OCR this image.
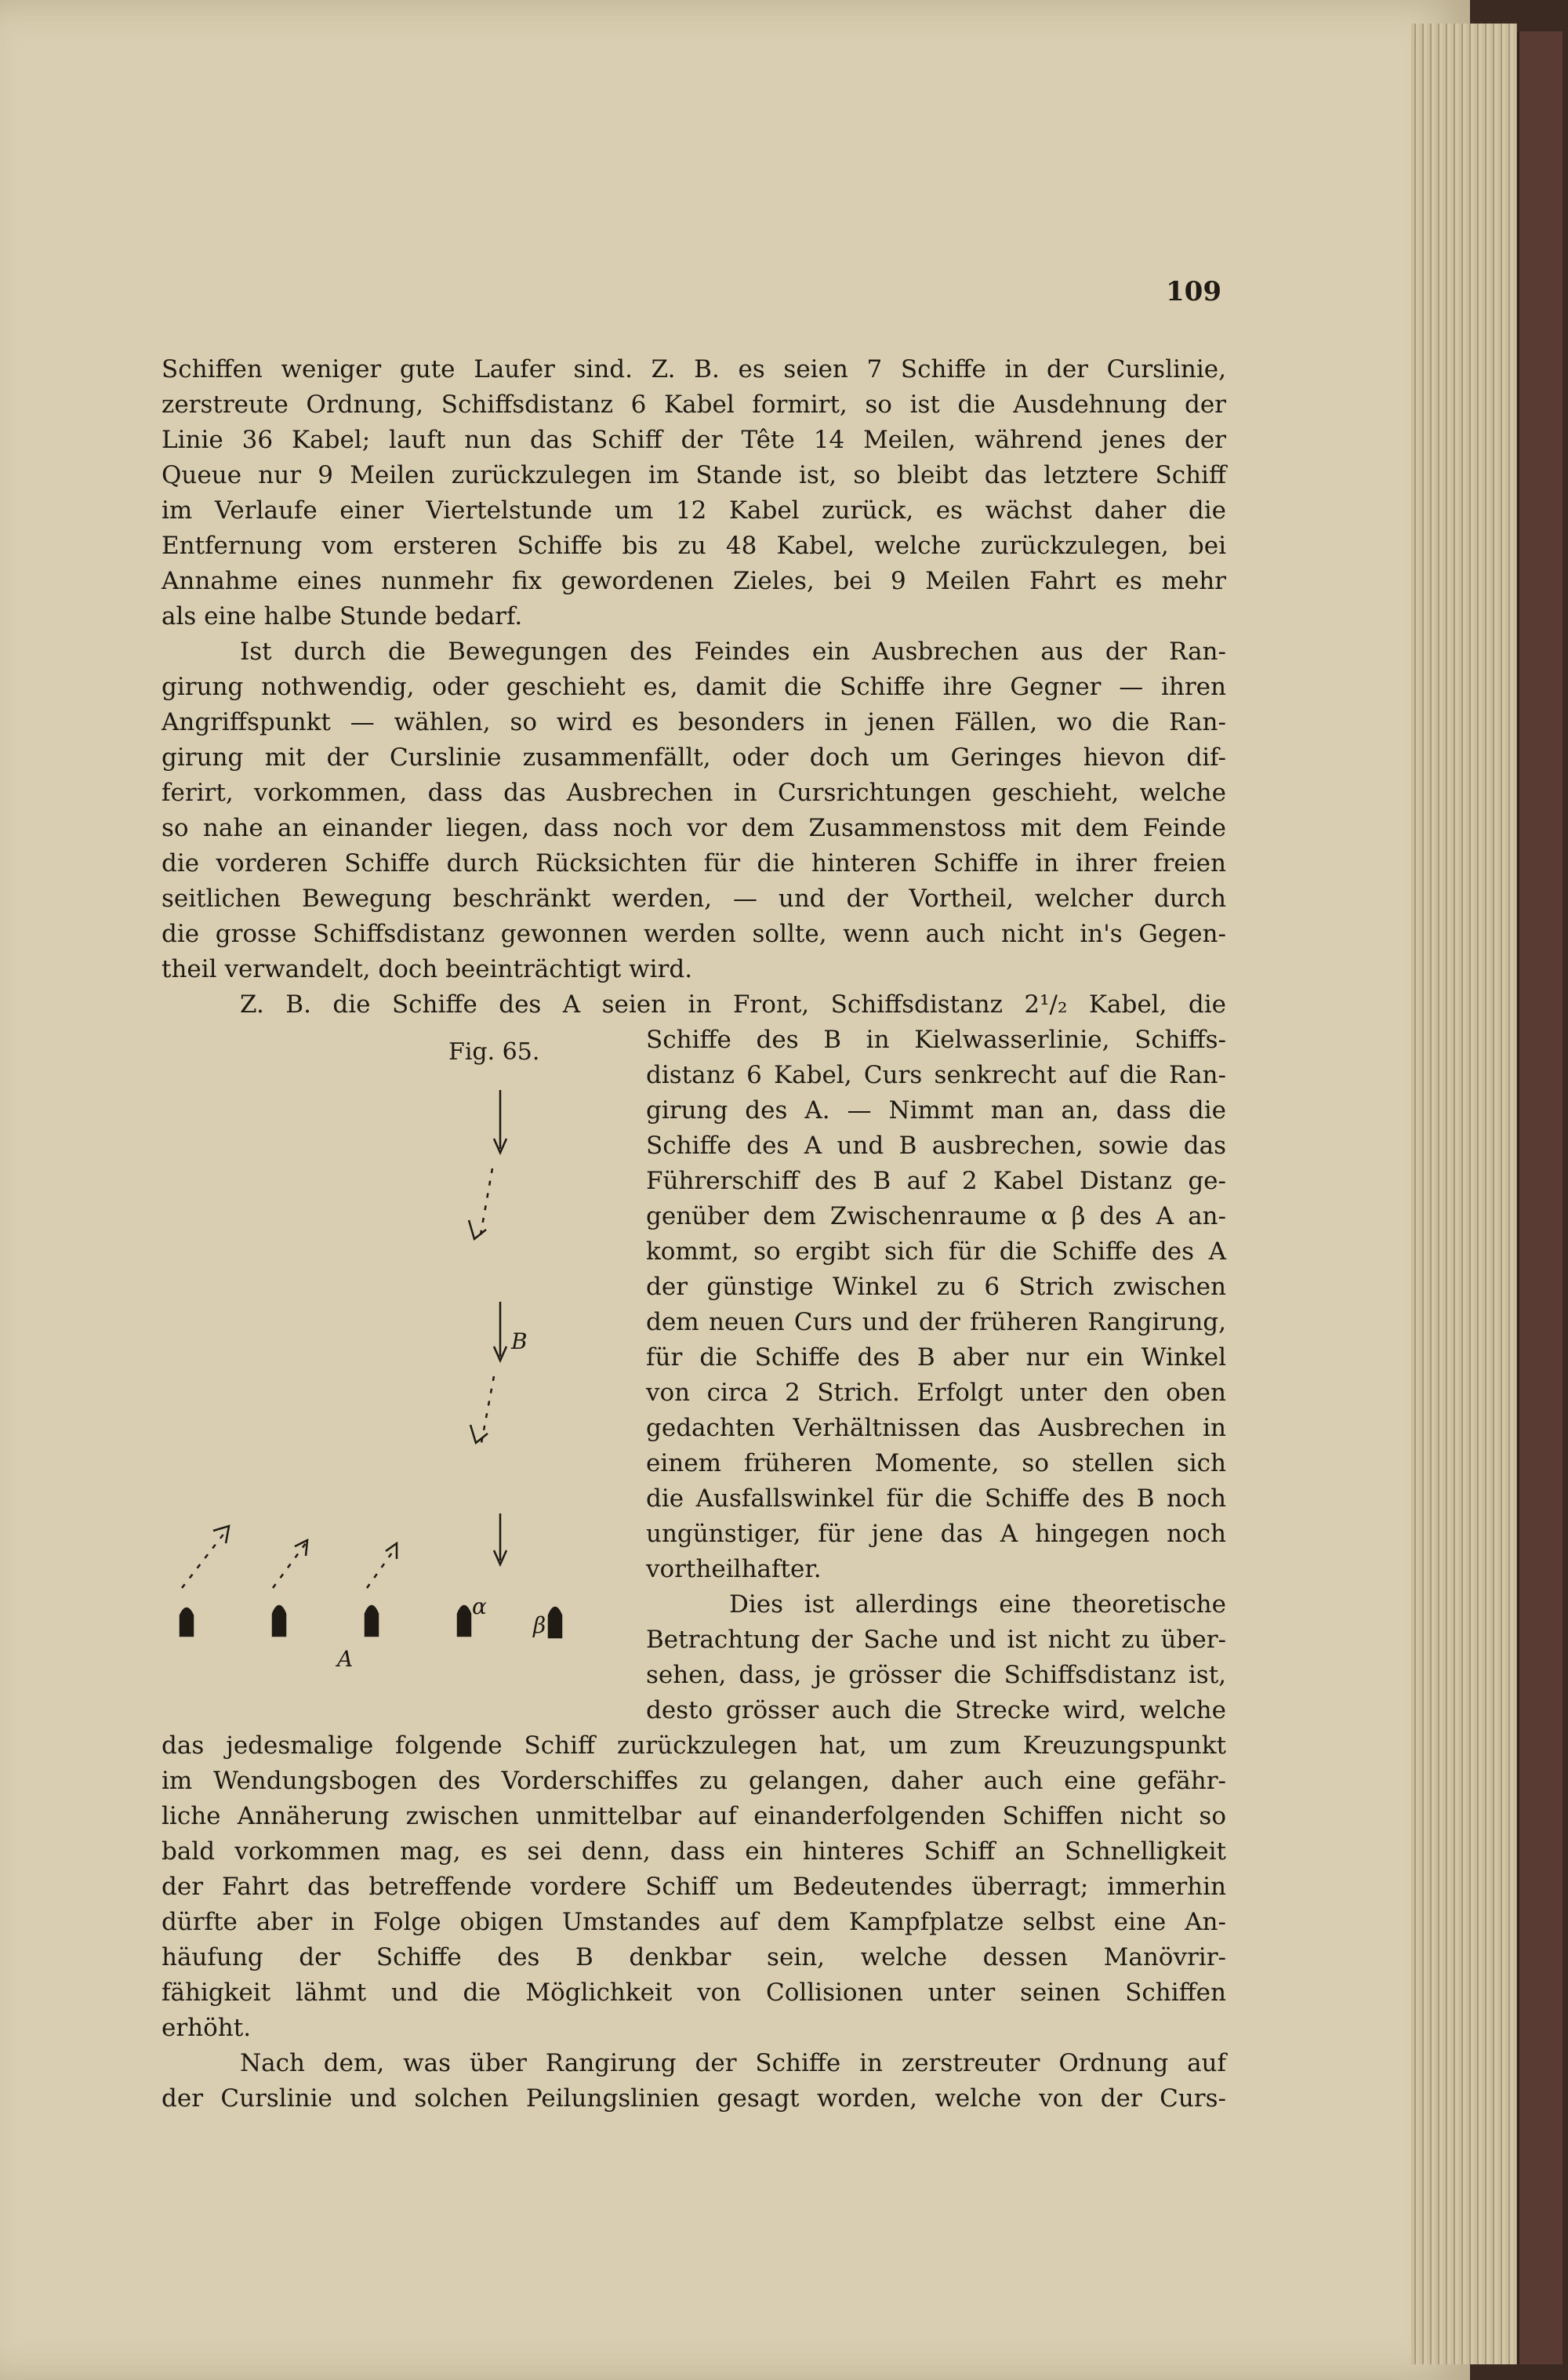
109
Schiffen weniger gute Laufer sind. Z. B. es seien 7 Schiffe in der Curslinie,
zerstreute Ordnung, Schiffsdistanz 6 Kabel formirt, so ist die Ausdehnung der
Linie 36 Kabel; lauft nun das Schiff der Tête 14 Meilen, während jenes der
Queue nur 9 Meilen zurückzulegen im Stande ist, so bleibt das letztere Schiff
im Verlaufe einer Viertelstunde um 12 Kabel zurück, es wächst daher die
Entfernung vom ersteren Schiffe bis zu 48 Kabel, welche zurückzulegen, bei
Annahme eines nunmehr fix gewordenen Zieles, bei 9 Meilen Fahrt es mehr
als eine halbe Stunde bedarf.
Ist durch die Bewegungen des Feindes ein Ausbrechen aus der Ran-
girung nothwendig, oder geschieht es, damit die Schiffe ihre Gegner — ihren
Angriffspunkt — wählen, so wird es besonders in jenen Fällen, wo die Ran-
girung mit der Curslinie zusammenfällt, oder doch um Geringes hievon dif-
ferirt, vorkommen, dass das Ausbrechen in Cursrichtungen geschieht, welche
so nahe an einander liegen, dass noch vor dem Zusammenstoss mit dem Feinde
die vorderen Schiffe durch Rücksichten für die hinteren Schiffe in ihrer freien
seitlichen Bewegung beschränkt werden, — und der Vortheil, welcher durch
die grosse Schiffsdistanz gewonnen werden sollte, wenn auch nicht in's Gegen-
theil verwandelt, doch beeinträchtigt wird.
Z. B. die Schiffe des A seien in Front, Schiffsdistanz 2¹/₂ Kabel, die
Schiffe des B in Kielwasserlinie, Schiffs-
distanz 6 Kabel, Curs senkrecht auf die Ran-
girung des A. — Nimmt man an, dass die
Schiffe des A und B ausbrechen, sowie das
Führerschiff des B auf 2 Kabel Distanz ge-
genüber dem Zwischenraume α β des A an-
kommt, so ergibt sich für die Schiffe des A
der günstige Winkel zu 6 Strich zwischen
dem neuen Curs und der früheren Rangirung,
für die Schiffe des B aber nur ein Winkel
von circa 2 Strich. Erfolgt unter den oben
gedachten Verhältnissen das Ausbrechen in
einem früheren Momente, so stellen sich
die Ausfallswinkel für die Schiffe des B noch
ungünstiger, für jene das A hingegen noch
vortheilhafter.
Dies ist allerdings eine theoretische
Betrachtung der Sache und ist nicht zu über-
sehen, dass, je grösser die Schiffsdistanz ist,
desto grösser auch die Strecke wird, welche
das jedesmalige folgende Schiff zurückzulegen hat, um zum Kreuzungspunkt
im Wendungsbogen des Vorderschiffes zu gelangen, daher auch eine gefähr-
liche Annäherung zwischen unmittelbar auf einanderfolgenden Schiffen nicht so
bald vorkommen mag, es sei denn, dass ein hinteres Schiff an Schnelligkeit
der Fahrt das betreffende vordere Schiff um Bedeutendes überragt; immerhin
dürfte aber in Folge obigen Umstandes auf dem Kampfplatze selbst eine An-
häufung der Schiffe des B denkbar sein, welche dessen Manövrir-
fähigkeit lähmt und die Möglichkeit von Collisionen unter seinen Schiffen
erhöht.
Nach dem, was über Rangirung der Schiffe in zerstreuter Ordnung auf
der Curslinie und solchen Peilungslinien gesagt worden, welche von der Curs-
Fig. 65.
B
A
α
β
